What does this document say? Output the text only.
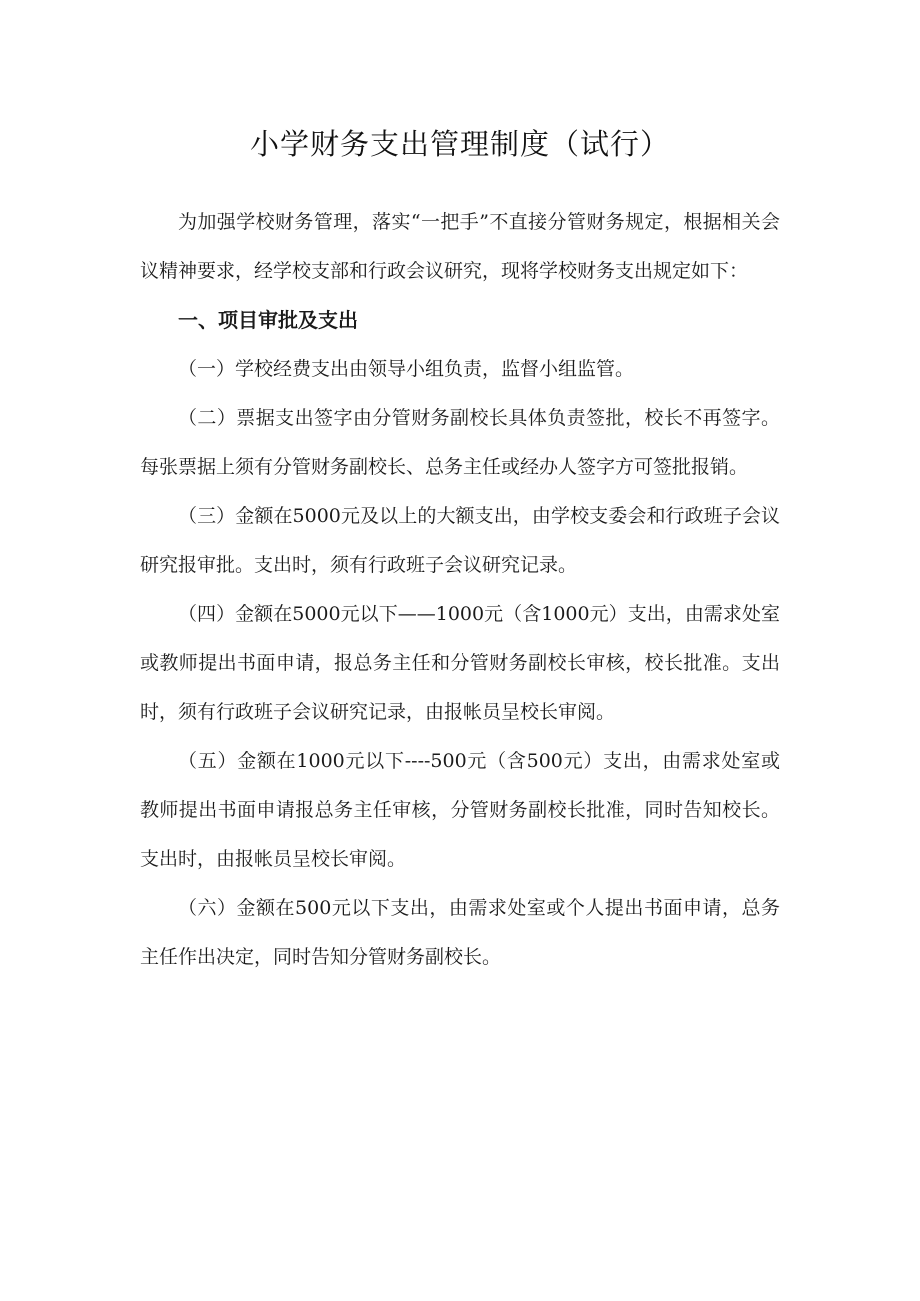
小学财务支出管理制度（试行）

为加强学校财务管理，落实“一把手”不直接分管财务规定，根据相关会议精神要求，经学校支部和行政会议研究，现将学校财务支出规定如下：

一、项目审批及支出

（一）学校经费支出由领导小组负责，监督小组监管。

（二）票据支出签字由分管财务副校长具体负责签批，校长不再签字。每张票据上须有分管财务副校长、总务主任或经办人签字方可签批报销。

（三）金额在5000元及以上的大额支出，由学校支委会和行政班子会议研究报审批。支出时，须有行政班子会议研究记录。

（四）金额在5000元以下——1000元（含1000元）支出，由需求处室或教师提出书面申请，报总务主任和分管财务副校长审核，校长批准。支出时，须有行政班子会议研究记录，由报帐员呈校长审阅。

（五）金额在1000元以下----500元（含500元）支出，由需求处室或教师提出书面申请报总务主任审核，分管财务副校长批准，同时告知校长。支出时，由报帐员呈校长审阅。

（六）金额在500元以下支出，由需求处室或个人提出书面申请，总务主任作出决定，同时告知分管财务副校长。
